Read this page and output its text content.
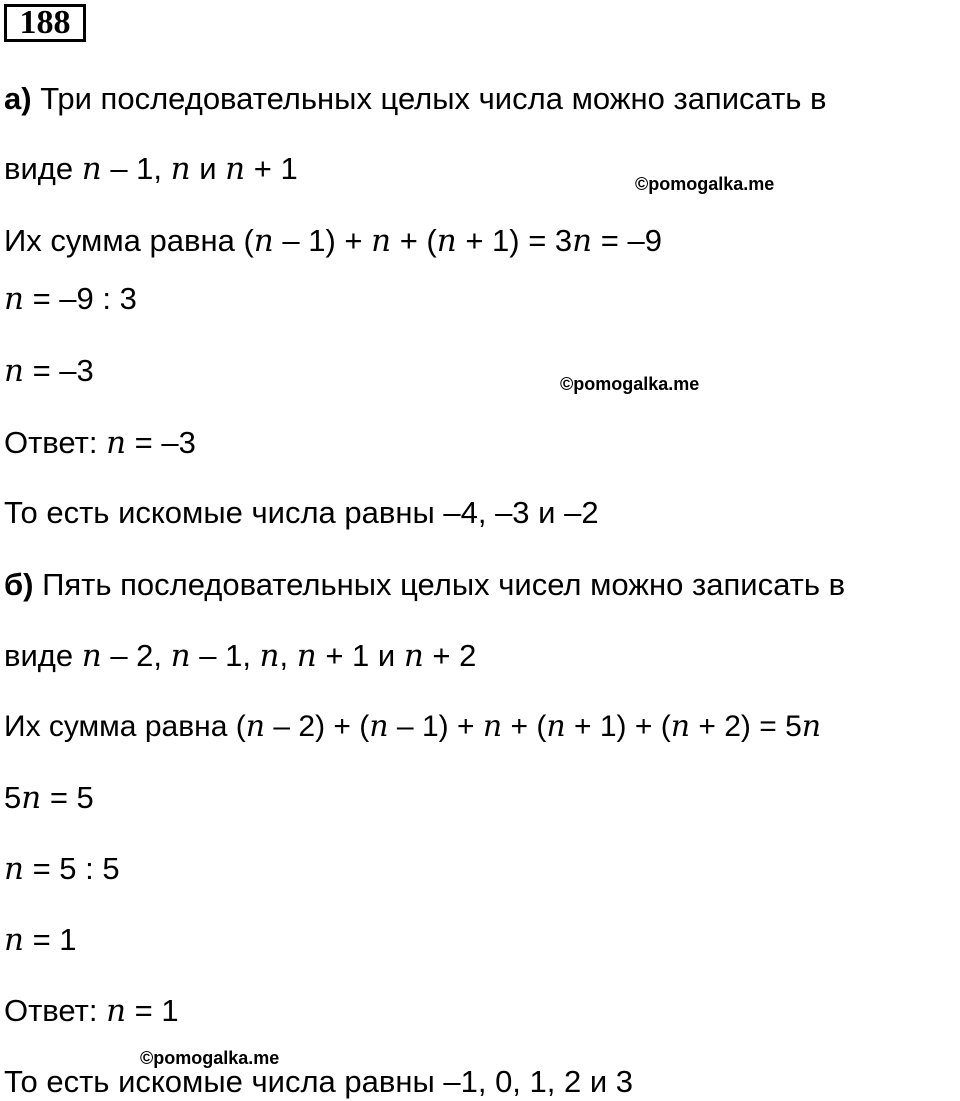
188
а) Три последовательных целых числа можно записать в
виде n – 1, n и n + 1	©pomogalka.me
Их сумма равна (n – 1) + n + (n + 1) = 3n = –9
n = –9 : 3
n = –3	©pomogalka.me
Ответ: n = –3
То есть искомые числа равны –4, –3 и –2
б) Пять последовательных целых чисел можно записать в
виде n – 2, n – 1, n, n + 1 и n + 2
Их сумма равна (n – 2) + (n – 1) + n + (n + 1) + (n + 2) = 5n
5n = 5
n = 5 : 5
n = 1
Ответ: n = 1
©pomogalka.me
То есть искомые числа равны –1, 0, 1, 2 и 3
